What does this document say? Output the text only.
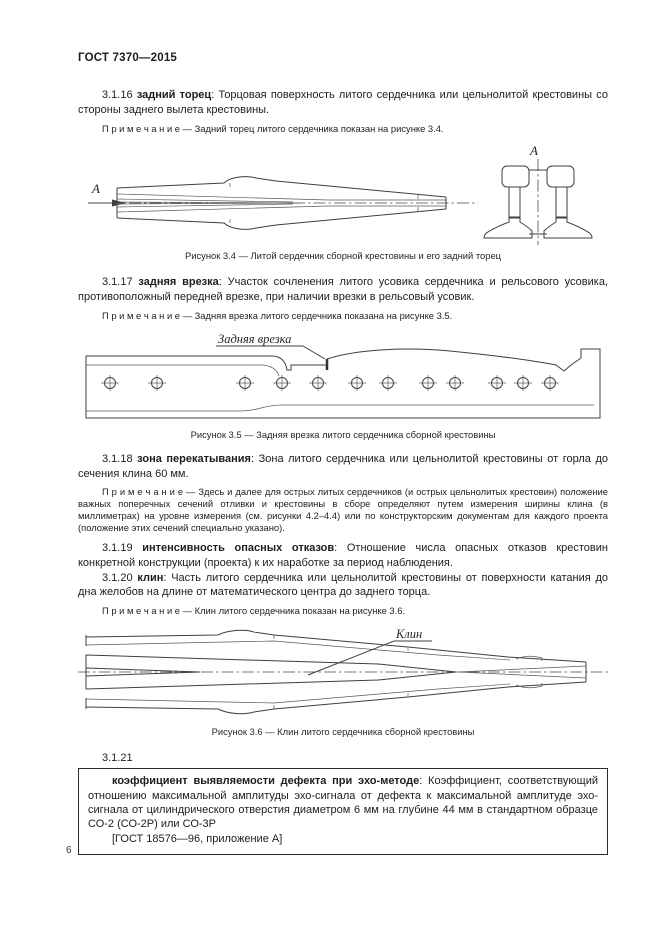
ГОСТ 7370—2015

3.1.16 задний торец: Торцовая поверхность литого сердечника или цельнолитой крестовины со стороны заднего вылета крестовины.

П р и м е ч а н и е — Задний торец литого сердечника показан на рисунке 3.4.

А
А
Рисунок 3.4 — Литой сердечник сборной крестовины и его задний торец

3.1.17 задняя врезка: Участок сочленения литого усовика сердечника и рельсового усовика, противоположный передней врезке, при наличии врезки в рельсовый усовик.

П р и м е ч а н и е — Задняя врезка литого сердечника показана на рисунке 3.5.

Задняя врезка
Рисунок 3.5 — Задняя врезка литого сердечника сборной крестовины

3.1.18 зона перекатывания: Зона литого сердечника или цельнолитой крестовины от горла до сечения клина 60 мм.

П р и м е ч а н и е — Здесь и далее для острых литых сердечников (и острых цельнолитых крестовин) положение важных поперечных сечений отливки и крестовины в сборе определяют путем измерения ширины клина (в миллиметрах) на уровне измерения (см. рисунки 4.2–4.4) или по конструкторским документам для каждого проекта (положение этих сечений специально указано).

3.1.19 интенсивность опасных отказов: Отношение числа опасных отказов крестовин конкретной конструкции (проекта) к их наработке за период наблюдения.

3.1.20 клин: Часть литого сердечника или цельнолитой крестовины от поверхности катания до дна желобов на длине от математического центра до заднего торца.

П р и м е ч а н и е — Клин литого сердечника показан на рисунке 3.6.

Клин
Рисунок 3.6 — Клин литого сердечника сборной крестовины

3.1.21

коэффициент выявляемости дефекта при эхо-методе: Коэффициент, соответствующий отношению максимальной амплитуды эхо-сигнала от дефекта к максимальной амплитуде эхо-сигнала от цилиндрического отверстия диаметром 6 мм на глубине 44 мм в стандартном образце СО-2 (СО-2Р) или СО-3Р

[ГОСТ 18576—96, приложение А]

6
